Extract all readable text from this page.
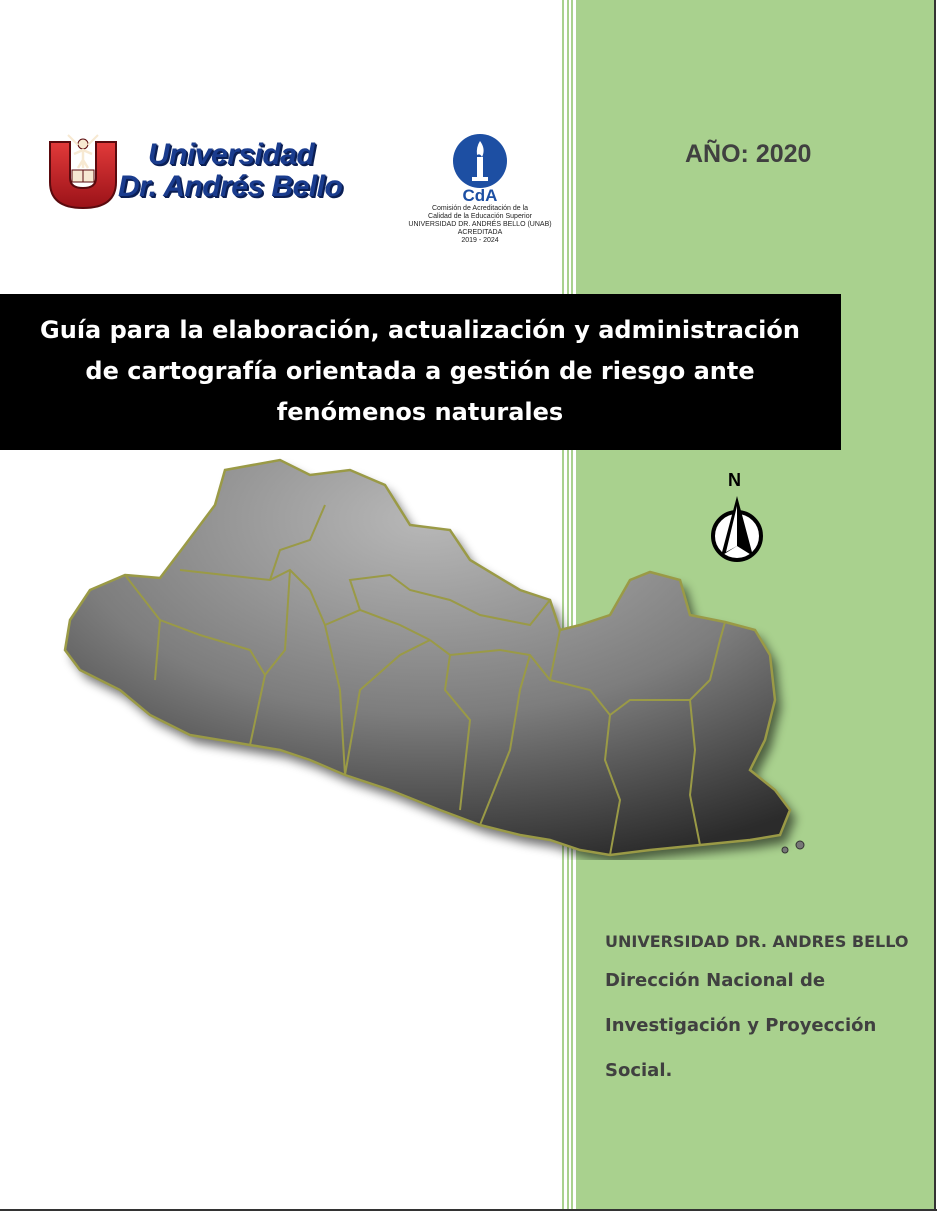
Universidad
Dr. Andrés Bello	CdA
Comisión de Acreditación de la
Calidad de la Educación Superior
UNIVERSIDAD DR. ANDRÉS BELLO (UNAB)
ACREDITADA
2019 - 2024
AÑO: 2020
Guía para la elaboración, actualización y administración
de cartografía orientada a gestión de riesgo ante
fenómenos naturales
N
UNIVERSIDAD DR. ANDRES BELLO
Dirección Nacional de
Investigación y Proyección
Social.
